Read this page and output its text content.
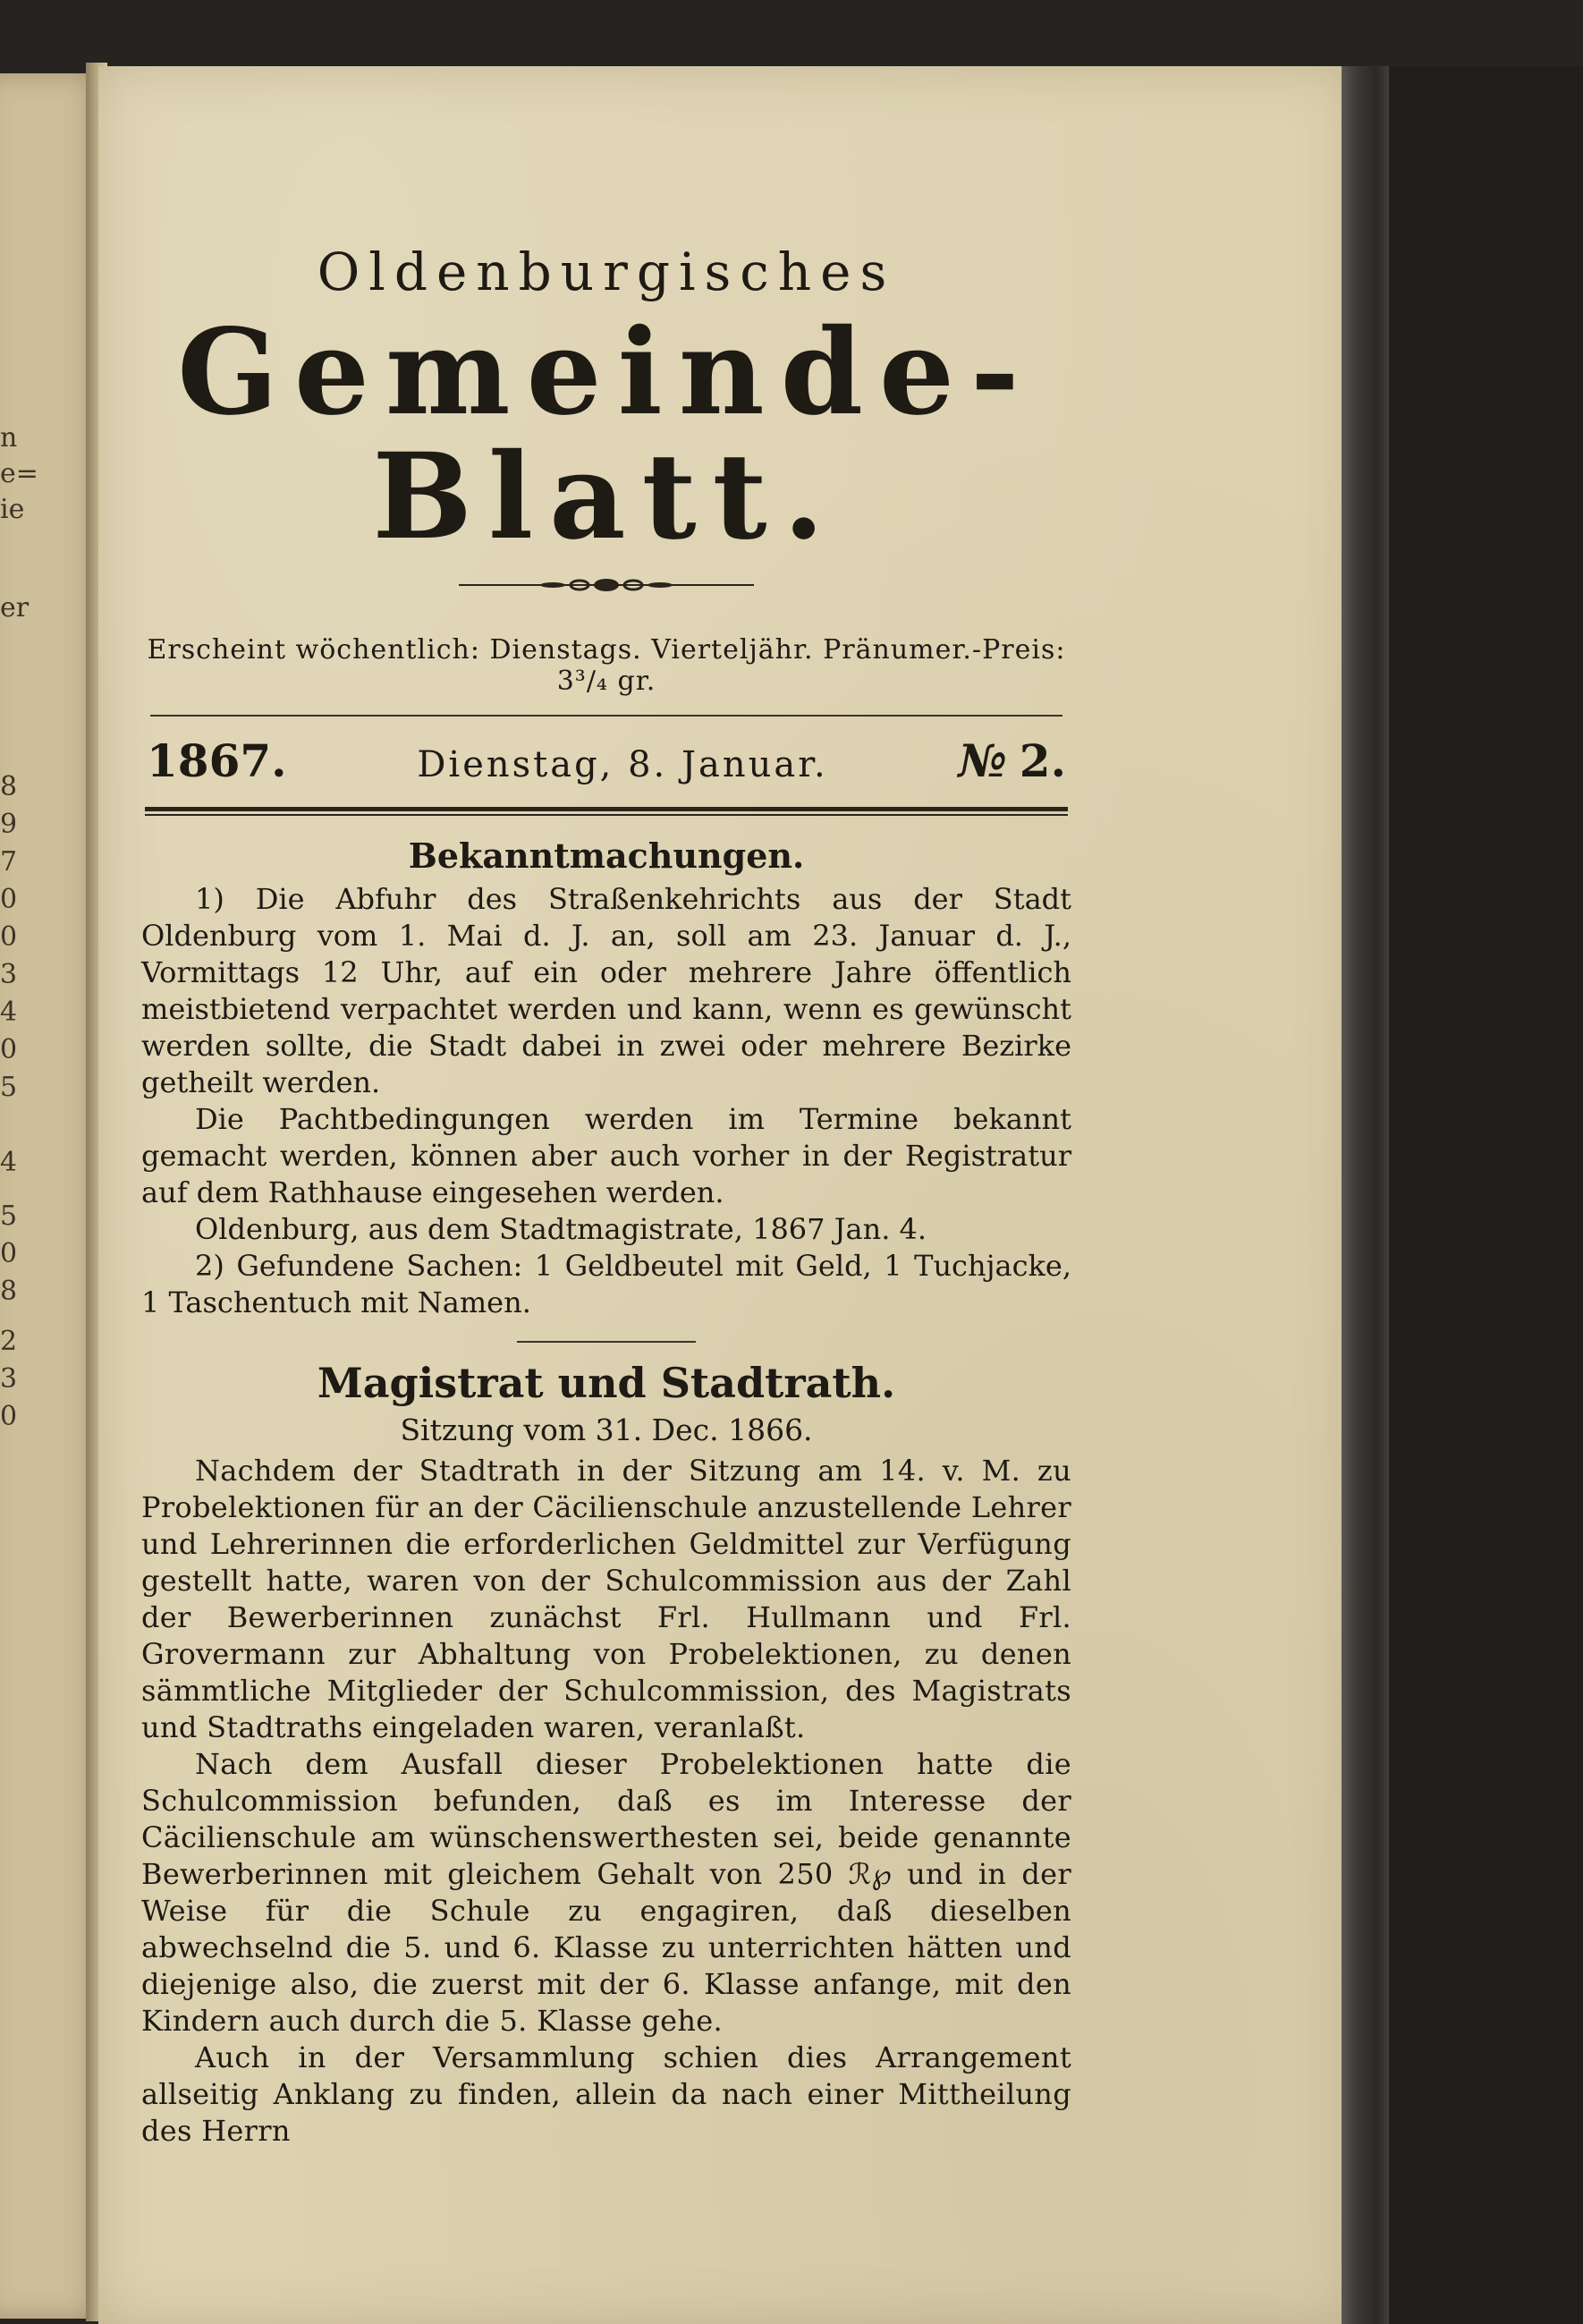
n
e=
ie
er
8
9
7
0
0
3
4
0
5
4
5
0
8
2
3
0

Oldenburgisches

Gemeinde-Blatt.

Erscheint wöchentlich: Dienstags. Vierteljähr. Pränumer.-Preis: 3³/₄ gr.

1867.	Dienstag, 8. Januar.	№ 2.
Bekanntmachungen.

1) Die Abfuhr des Straßenkehrichts aus der Stadt Oldenburg vom 1. Mai d. J. an, soll am 23. Januar d. J., Vormittags 12 Uhr, auf ein oder mehrere Jahre öffentlich meistbietend verpachtet werden und kann, wenn es gewünscht werden sollte, die Stadt dabei in zwei oder mehrere Bezirke getheilt werden.

Die Pachtbedingungen werden im Termine bekannt gemacht werden, können aber auch vorher in der Registratur auf dem Rathhause eingesehen werden.

Oldenburg, aus dem Stadtmagistrate, 1867 Jan. 4.

2) Gefundene Sachen: 1 Geldbeutel mit Geld, 1 Tuchjacke, 1 Taschentuch mit Namen.

Magistrat und Stadtrath.
Sitzung vom 31. Dec. 1866.

Nachdem der Stadtrath in der Sitzung am 14. v. M. zu Probelektionen für an der Cäcilienschule anzustellende Lehrer und Lehrerinnen die erforderlichen Geldmittel zur Verfügung gestellt hatte, waren von der Schulcommission aus der Zahl der Bewerberinnen zunächst Frl. Hullmann und Frl. Grovermann zur Abhaltung von Probelektionen, zu denen sämmtliche Mitglieder der Schulcommission, des Magistrats und Stadtraths eingeladen waren, veranlaßt.

Nach dem Ausfall dieser Probelektionen hatte die Schulcommission befunden, daß es im Interesse der Cäcilienschule am wünschenswerthesten sei, beide genannte Bewerberinnen mit gleichem Gehalt von 250 ℛ℘ und in der Weise für die Schule zu engagiren, daß dieselben abwechselnd die 5. und 6. Klasse zu unterrichten hätten und diejenige also, die zuerst mit der 6. Klasse anfange, mit den Kindern auch durch die 5. Klasse gehe.

Auch in der Versammlung schien dies Arrangement allseitig Anklang zu finden, allein da nach einer Mittheilung des Herrn
